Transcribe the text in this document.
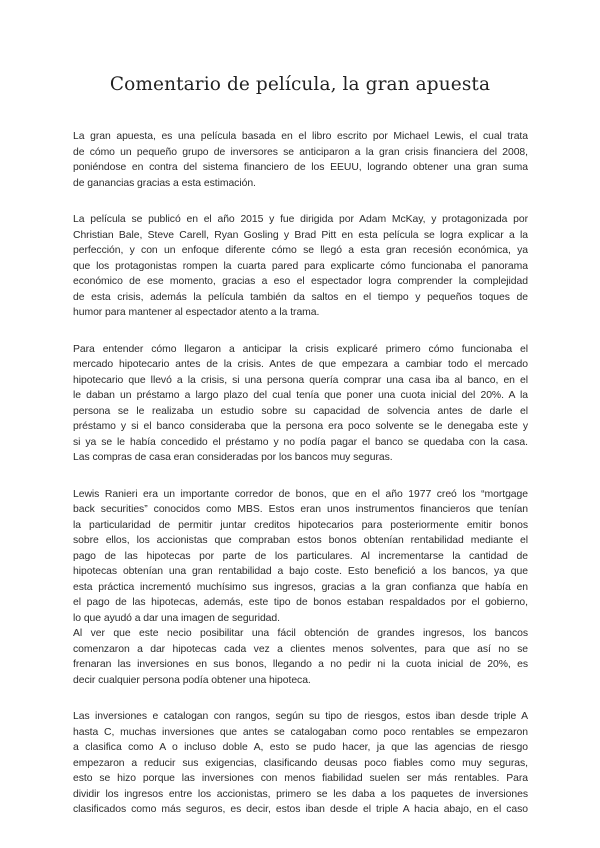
Comentario de película, la gran apuesta

La gran apuesta, es una película basada en el libro escrito por Michael Lewis, el cual trata
de cómo un pequeño grupo de inversores se anticiparon a la gran crisis financiera del 2008,
poniéndose en contra del sistema financiero de los EEUU, logrando obtener una gran suma
de ganancias gracias a esta estimación.

La película se publicó en el año 2015 y fue dirigida por Adam McKay, y protagonizada por
Christian Bale, Steve Carell, Ryan Gosling y Brad Pitt en esta película se logra explicar a la
perfección, y con un enfoque diferente cómo se llegó a esta gran recesión económica, ya
que los protagonistas rompen la cuarta pared para explicarte cómo funcionaba el panorama
económico de ese momento, gracias a eso el espectador logra comprender la complejidad
de esta crisis, además la película también da saltos en el tiempo y pequeños toques de
humor para mantener al espectador atento a la trama.

Para entender cómo llegaron a anticipar la crisis explicaré primero cómo funcionaba el
mercado hipotecario antes de la crisis. Antes de que empezara a cambiar todo el mercado
hipotecario que llevó a la crisis, si una persona quería comprar una casa iba al banco, en el
le daban un préstamo a largo plazo del cual tenía que poner una cuota inicial del 20%. A la
persona se le realizaba un estudio sobre su capacidad de solvencia antes de darle el
préstamo y si el banco consideraba que la persona era poco solvente se le denegaba este y
si ya se le había concedido el préstamo y no podía pagar el banco se quedaba con la casa.
Las compras de casa eran consideradas por los bancos muy seguras.

Lewis Ranieri era un importante corredor de bonos, que en el año 1977 creó los “mortgage
back securities” conocidos como MBS. Estos eran unos instrumentos financieros que tenían
la particularidad de permitir juntar creditos hipotecarios para posteriormente emitir bonos
sobre ellos, los accionistas que compraban estos bonos obtenían rentabilidad mediante el
pago de las hipotecas por parte de los particulares. Al incrementarse la cantidad de
hipotecas obtenían una gran rentabilidad a bajo coste. Esto benefició a los bancos, ya que
esta práctica incrementó muchísimo sus ingresos, gracias a la gran confianza que había en
el pago de las hipotecas, además, este tipo de bonos estaban respaldados por el gobierno,
lo que ayudó a dar una imagen de seguridad.

Al ver que este necio posibilitar una fácil obtención de grandes ingresos, los bancos
comenzaron a dar hipotecas cada vez a clientes menos solventes, para que así no se
frenaran las inversiones en sus bonos, llegando a no pedir ni la cuota inicial de 20%, es
decir cualquier persona podía obtener una hipoteca.

Las inversiones e catalogan con rangos, según su tipo de riesgos, estos iban desde triple A
hasta C, muchas inversiones que antes se catalogaban como poco rentables se empezaron
a clasifica como A o incluso doble A, esto se pudo hacer, ja que las agencias de riesgo
empezaron a reducir sus exigencias, clasificando deusas poco fiables como muy seguras,
esto se hizo porque las inversiones con menos fiabilidad suelen ser más rentables. Para
dividir los ingresos entre los accionistas, primero se les daba a los paquetes de inversiones
clasificados como más seguros, es decir, estos iban desde el triple A hacia abajo, en el caso
